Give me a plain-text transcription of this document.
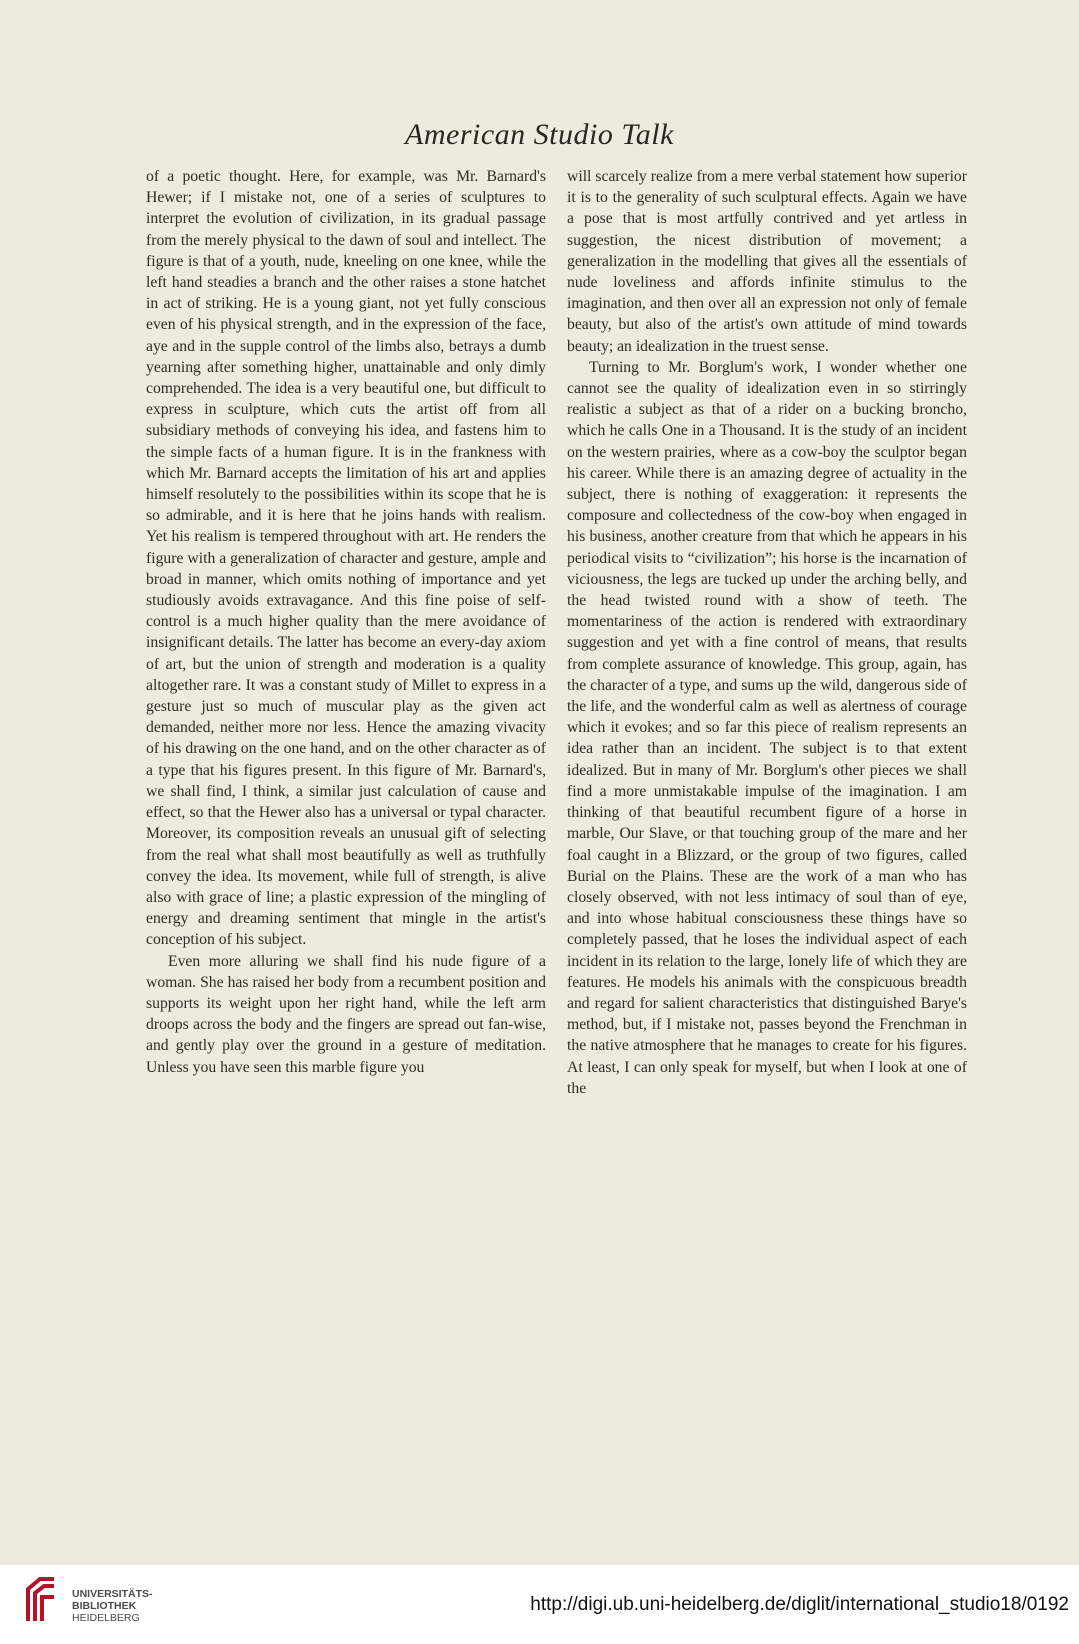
American Studio Talk

of a poetic thought. Here, for example, was Mr. Barnard's Hewer; if I mistake not, one of a series of sculptures to interpret the evolution of civilization, in its gradual passage from the merely physical to the dawn of soul and intellect. The figure is that of a youth, nude, kneeling on one knee, while the left hand steadies a branch and the other raises a stone hatchet in act of striking. He is a young giant, not yet fully conscious even of his physical strength, and in the expression of the face, aye and in the supple control of the limbs also, betrays a dumb yearning after something higher, unattainable and only dimly comprehended. The idea is a very beautiful one, but difficult to express in sculpture, which cuts the artist off from all subsidiary methods of conveying his idea, and fastens him to the simple facts of a human figure. It is in the frankness with which Mr. Barnard accepts the limitation of his art and applies himself resolutely to the possibilities within its scope that he is so admirable, and it is here that he joins hands with realism. Yet his realism is tempered throughout with art. He renders the figure with a generalization of character and gesture, ample and broad in manner, which omits nothing of importance and yet studiously avoids extravagance. And this fine poise of self-control is a much higher quality than the mere avoidance of insignificant details. The latter has become an every-day axiom of art, but the union of strength and moderation is a quality altogether rare. It was a constant study of Millet to express in a gesture just so much of muscular play as the given act demanded, neither more nor less. Hence the amazing vivacity of his drawing on the one hand, and on the other character as of a type that his figures present. In this figure of Mr. Barnard's, we shall find, I think, a similar just calculation of cause and effect, so that the Hewer also has a universal or typal character. Moreover, its composition reveals an unusual gift of selecting from the real what shall most beautifully as well as truthfully convey the idea. Its movement, while full of strength, is alive also with grace of line; a plastic expression of the mingling of energy and dreaming sentiment that mingle in the artist's conception of his subject.

Even more alluring we shall find his nude figure of a woman. She has raised her body from a recumbent position and supports its weight upon her right hand, while the left arm droops across the body and the fingers are spread out fan-wise, and gently play over the ground in a gesture of meditation. Unless you have seen this marble figure you

will scarcely realize from a mere verbal statement how superior it is to the generality of such sculptural effects. Again we have a pose that is most artfully contrived and yet artless in suggestion, the nicest distribution of movement; a generalization in the modelling that gives all the essentials of nude loveliness and affords infinite stimulus to the imagination, and then over all an expression not only of female beauty, but also of the artist's own attitude of mind towards beauty; an idealization in the truest sense.

Turning to Mr. Borglum's work, I wonder whether one cannot see the quality of idealization even in so stirringly realistic a subject as that of a rider on a bucking broncho, which he calls One in a Thousand. It is the study of an incident on the western prairies, where as a cow-boy the sculptor began his career. While there is an amazing degree of actuality in the subject, there is nothing of exaggeration: it represents the composure and collectedness of the cow-boy when engaged in his business, another creature from that which he appears in his periodical visits to “civilization”; his horse is the incarnation of viciousness, the legs are tucked up under the arching belly, and the head twisted round with a show of teeth. The momentariness of the action is rendered with extraordinary suggestion and yet with a fine control of means, that results from complete assurance of knowledge. This group, again, has the character of a type, and sums up the wild, dangerous side of the life, and the wonderful calm as well as alertness of courage which it evokes; and so far this piece of realism represents an idea rather than an incident. The subject is to that extent idealized. But in many of Mr. Borglum's other pieces we shall find a more unmistakable impulse of the imagination. I am thinking of that beautiful recumbent figure of a horse in marble, Our Slave, or that touching group of the mare and her foal caught in a Blizzard, or the group of two figures, called Burial on the Plains. These are the work of a man who has closely observed, with not less intimacy of soul than of eye, and into whose habitual consciousness these things have so completely passed, that he loses the individual aspect of each incident in its relation to the large, lonely life of which they are features. He models his animals with the conspicuous breadth and regard for salient characteristics that distinguished Barye's method, but, if I mistake not, passes beyond the Frenchman in the native atmosphere that he manages to create for his figures. At least, I can only speak for myself, but when I look at one of the

UNIVERSITÄTS-
BIBLIOTHEK
HEIDELBERG
http://digi.ub.uni-heidelberg.de/diglit/international_studio18/0192
